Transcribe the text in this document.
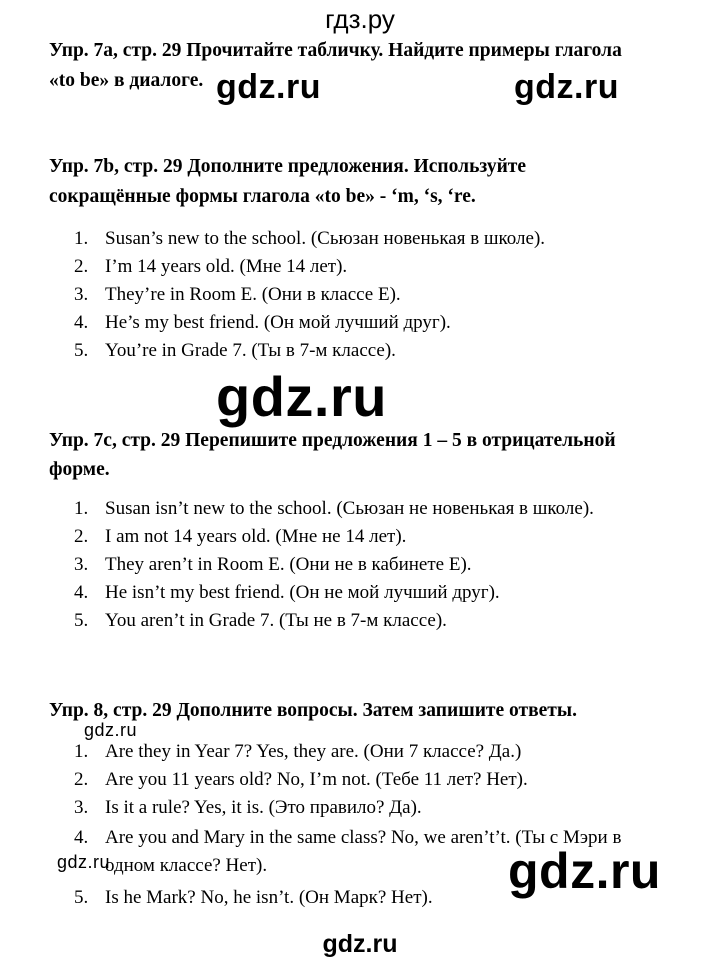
гдз.ру
Упр. 7a, стр. 29 Прочитайте табличку. Найдите примеры глагола
«to be» в диалоге. gdz.ru	gdz.ru
Упр. 7b, стр. 29 Дополните предложения. Используйте
сокращённые формы глагола «to be» - ‘m, ‘s, ‘re.
1. Susan’s new to the school. (Сьюзан новенькая в школе).
2. I’m 14 years old. (Мне 14 лет).
3. They’re in Room E. (Они в классе Е).
4. He’s my best friend. (Он мой лучший друг).
5. You’re in Grade 7. (Ты в 7-м классе).
gdz.ru
Упр. 7c, стр. 29 Перепишите предложения 1 – 5 в отрицательной
форме.
1. Susan isn’t new to the school. (Сьюзан не новенькая в школе).
2. I am not 14 years old. (Мне не 14 лет).
3. They aren’t in Room E. (Они не в кабинете Е).
4. He isn’t my best friend. (Он не мой лучший друг).
5. You aren’t in Grade 7. (Ты не в 7-м классе).
Упр. 8, стр. 29 Дополните вопросы. Затем запишите ответы.
gdz.ru
1. Are they in Year 7? Yes, they are. (Они 7 классе? Да.)
2. Are you 11 years old? No, I’m not. (Тебе 11 лет? Нет).
3. Is it a rule? Yes, it is. (Это правило? Да).
4. Are you and Mary in the same class? No, we aren’t’t. (Ты с Мэри в
одном классе? Нет).
gdz.ru	gdz.ru
5. Is he Mark? No, he isn’t. (Он Марк? Нет).
gdz.ru
